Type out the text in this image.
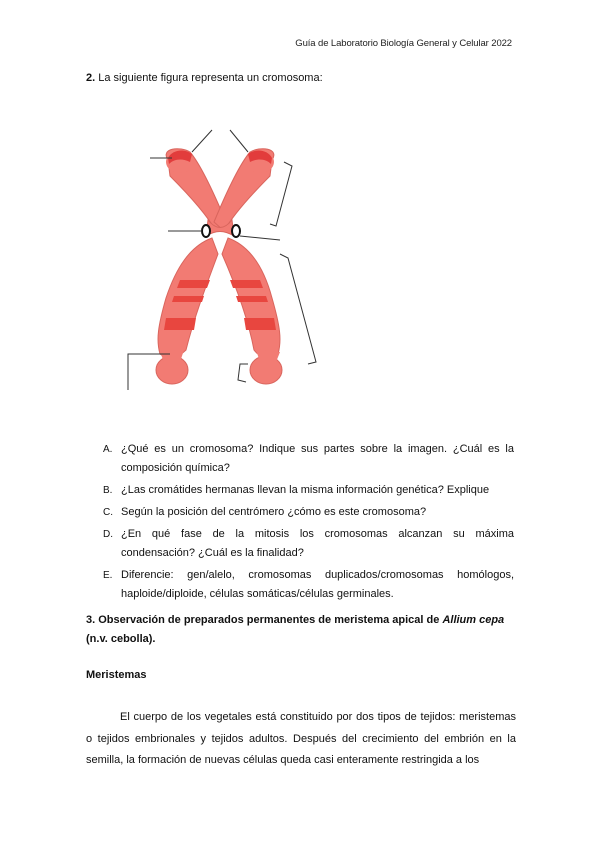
Guía de Laboratorio Biología General y Celular 2022
2. La siguiente figura representa un cromosoma:
A. ¿Qué es un cromosoma? Indique sus partes sobre la imagen. ¿Cuál es la composición química?
B. ¿Las cromátides hermanas llevan la misma información genética? Explique
C. Según la posición del centrómero ¿cómo es este cromosoma?
D. ¿En qué fase de la mitosis los cromosomas alcanzan su máxima condensación? ¿Cuál es la finalidad?
E. Diferencie: gen/alelo, cromosomas duplicados/cromosomas homólogos, haploide/diploide, células somáticas/células germinales.
3. Observación de preparados permanentes de meristema apical de Allium cepa (n.v. cebolla).
Meristemas
El cuerpo de los vegetales está constituido por dos tipos de tejidos: meristemas o tejidos embrionales y tejidos adultos. Después del crecimiento del embrión en la semilla, la formación de nuevas células queda casi enteramente restringida a los
